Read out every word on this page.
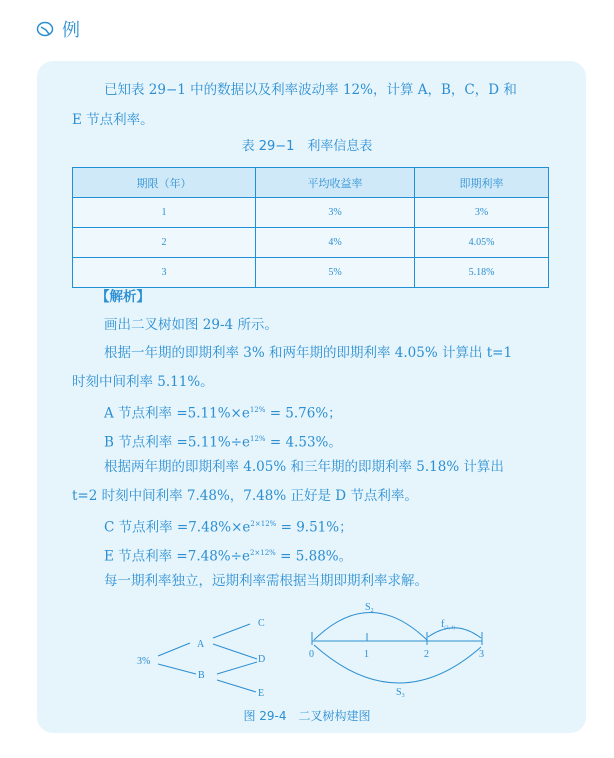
例
已知表 29−1 中的数据以及利率波动率 12%，计算 A，B，C，D 和
E 节点利率。
表 29−1　利率信息表
期限（年）	平均收益率	即期利率
1	3%	3%
2	4%	4.05%
3	5%	5.18%
【解析】
画出二叉树如图 29-4 所示。
根据一年期的即期利率 3% 和两年期的即期利率 4.05% 计算出 t=1
时刻中间利率 5.11%。
A 节点利率 $=5.11\%\times e^{12\%} = 5.76\%$；
B 节点利率 $=5.11\%\div e^{12\%} = 4.53\%$。
根据两年期的即期利率 4.05% 和三年期的即期利率 5.18% 计算出
t=2 时刻中间利率 7.48%，7.48% 正好是 D 节点利率。
C 节点利率 $=7.48\%\times e^{2\times 12\%} = 9.51\%$；
E 节点利率 $=7.48\%\div e^{2\times 12\%} = 5.88\%$。
每一期利率独立，远期利率需根据当期即期利率求解。
3%
A
B
C
D
E
0	1	2	3
$S_2$
$f_{(2, 1)}$
$S_3$
图 29-4　二叉树构建图
